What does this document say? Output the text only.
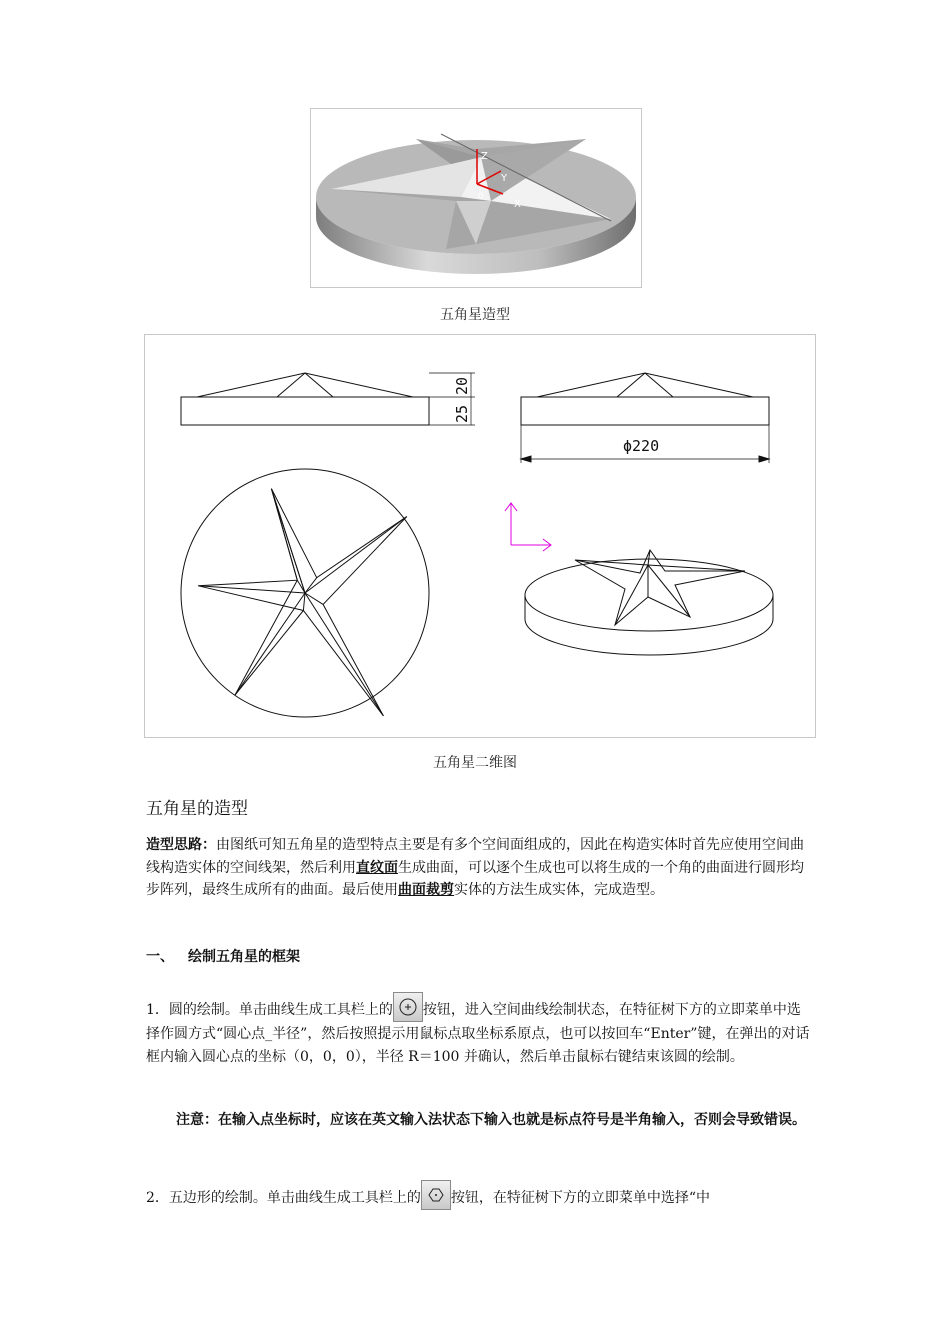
Z
Y
X
0
五角星造型
20
25
ϕ220
五角星二维图
五角星的造型
造型思路：由图纸可知五角星的造型特点主要是有多个空间面组成的，因此在构造实体时首先应使用空间曲线构造实体的空间线架，然后利用直纹面生成曲面，可以逐个生成也可以将生成的一个角的曲面进行圆形均步阵列，最终生成所有的曲面。最后使用曲面裁剪实体的方法生成实体，完成造型。
一、 绘制五角星的框架
1．圆的绘制。单击曲线生成工具栏上的 按钮，进入空间曲线绘制状态，在特征树下方的立即菜单中选择作圆方式“圆心点_半径”，然后按照提示用鼠标点取坐标系原点，也可以按回车“Enter”键，在弹出的对话框内输入圆心点的坐标（0，0，0），半径 R＝100 并确认，然后单击鼠标右键结束该圆的绘制。
注意：在输入点坐标时，应该在英文输入法状态下输入也就是标点符号是半角输入，否则会导致错误。
2．五边形的绘制。单击曲线生成工具栏上的 按钮，在特征树下方的立即菜单中选择“中
